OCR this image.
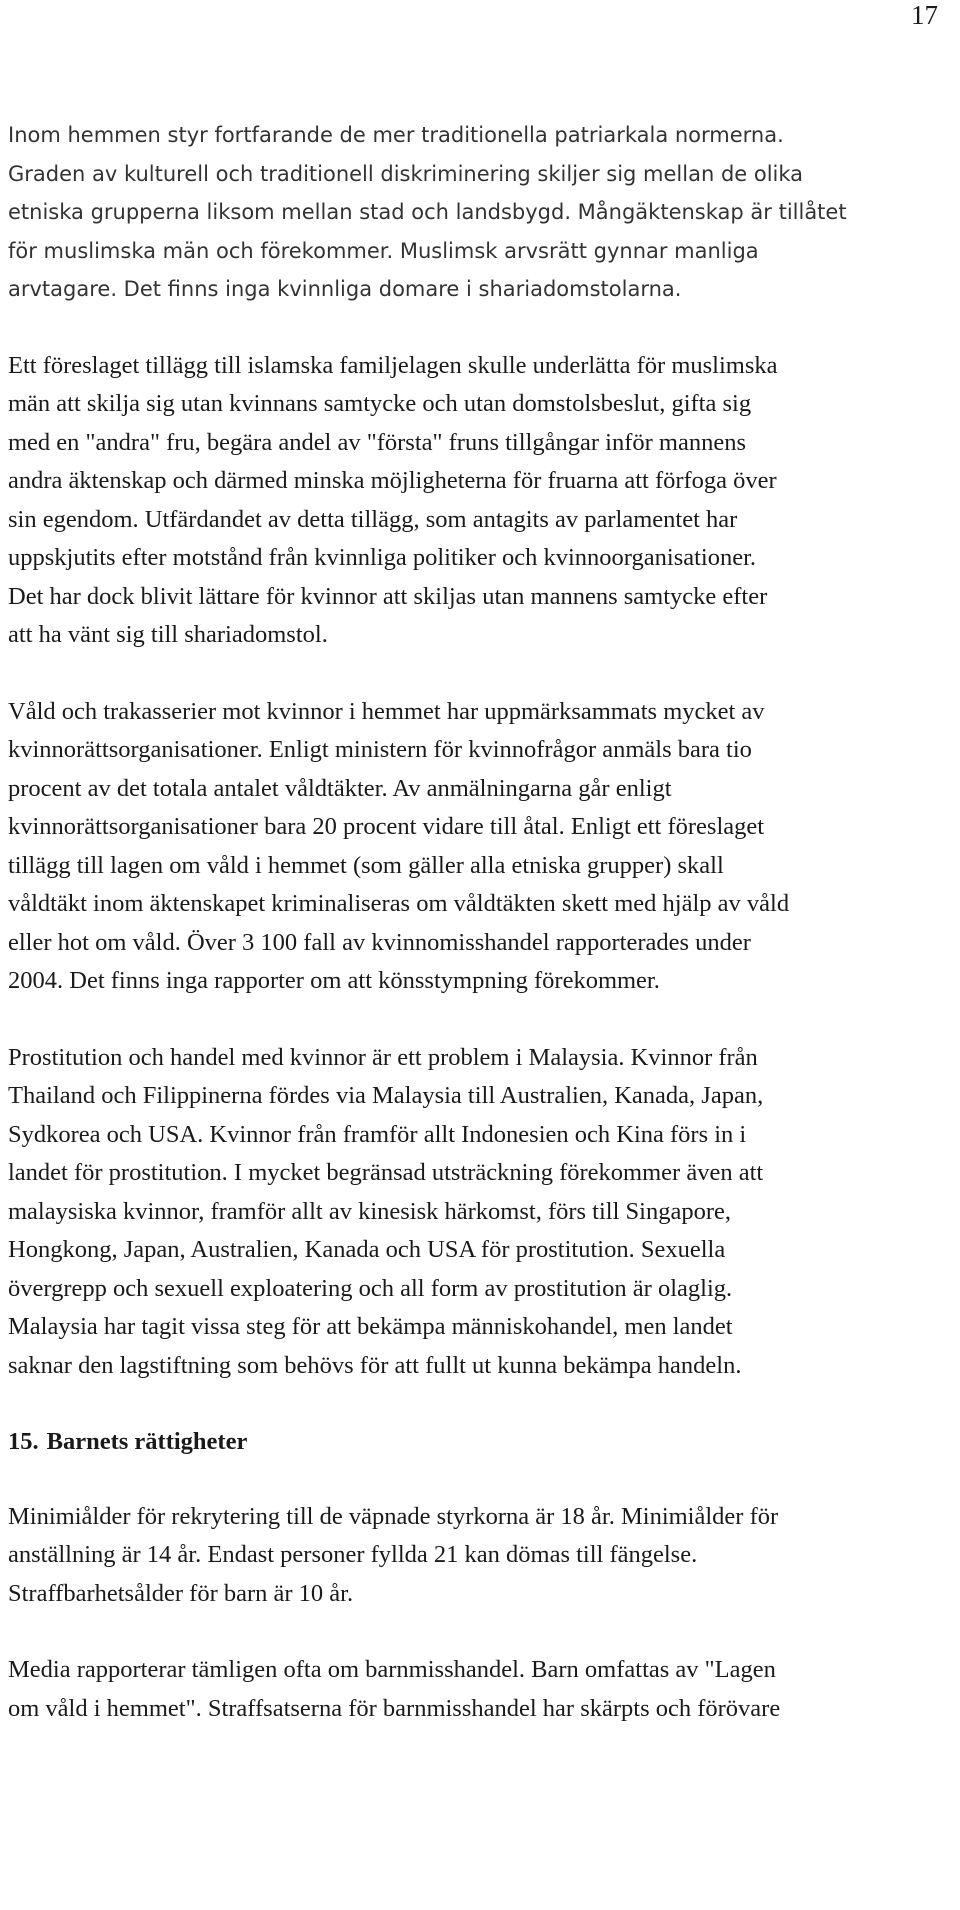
17

Inom hemmen styr fortfarande de mer traditionella patriarkala normerna.
Graden av kulturell och traditionell diskriminering skiljer sig mellan de olika
etniska grupperna liksom mellan stad och landsbygd. Mångäktenskap är tillåtet
för muslimska män och förekommer. Muslimsk arvsrätt gynnar manliga
arvtagare. Det finns inga kvinnliga domare i shariadomstolarna.

Ett föreslaget tillägg till islamska familjelagen skulle underlätta för muslimska
män att skilja sig utan kvinnans samtycke och utan domstolsbeslut, gifta sig
med en "andra" fru, begära andel av "första" fruns tillgångar inför mannens
andra äktenskap och därmed minska möjligheterna för fruarna att förfoga över
sin egendom. Utfärdandet av detta tillägg, som antagits av parlamentet har
uppskjutits efter motstånd från kvinnliga politiker och kvinnoorganisationer.
Det har dock blivit lättare för kvinnor att skiljas utan mannens samtycke efter
att ha vänt sig till shariadomstol.

Våld och trakasserier mot kvinnor i hemmet har uppmärksammats mycket av
kvinnorättsorganisationer. Enligt ministern för kvinnofrågor anmäls bara tio
procent av det totala antalet våldtäkter. Av anmälningarna går enligt
kvinnorättsorganisationer bara 20 procent vidare till åtal. Enligt ett föreslaget
tillägg till lagen om våld i hemmet (som gäller alla etniska grupper) skall
våldtäkt inom äktenskapet kriminaliseras om våldtäkten skett med hjälp av våld
eller hot om våld. Över 3 100 fall av kvinnomisshandel rapporterades under
2004. Det finns inga rapporter om att könsstympning förekommer.

Prostitution och handel med kvinnor är ett problem i Malaysia. Kvinnor från
Thailand och Filippinerna fördes via Malaysia till Australien, Kanada, Japan,
Sydkorea och USA. Kvinnor från framför allt Indonesien och Kina förs in i
landet för prostitution. I mycket begränsad utsträckning förekommer även att
malaysiska kvinnor, framför allt av kinesisk härkomst, förs till Singapore,
Hongkong, Japan, Australien, Kanada och USA för prostitution. Sexuella
övergrepp och sexuell exploatering och all form av prostitution är olaglig.
Malaysia har tagit vissa steg för att bekämpa människohandel, men landet
saknar den lagstiftning som behövs för att fullt ut kunna bekämpa handeln.

15. Barnets rättigheter

Minimiålder för rekrytering till de väpnade styrkorna är 18 år. Minimiålder för
anställning är 14 år. Endast personer fyllda 21 kan dömas till fängelse.
Straffbarhetsålder för barn är 10 år.

Media rapporterar tämligen ofta om barnmisshandel. Barn omfattas av "Lagen
om våld i hemmet". Straffsatserna för barnmisshandel har skärpts och förövare
